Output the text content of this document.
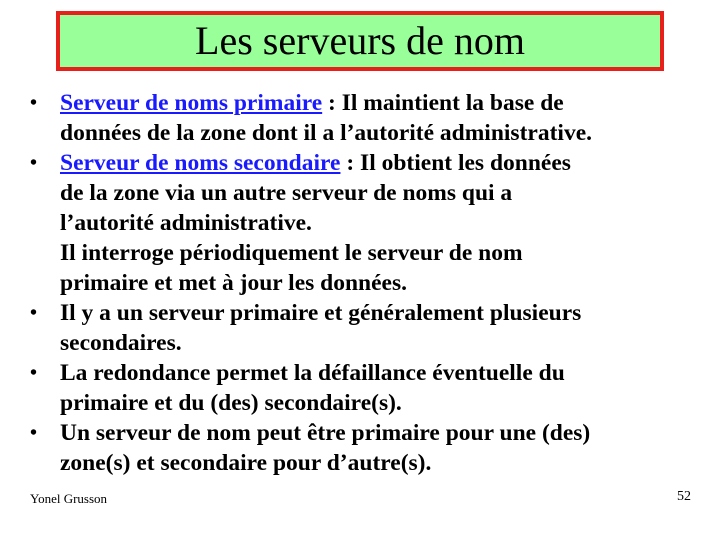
Les serveurs de nom
• Serveur de noms primaire : Il maintient la base de
données de la zone dont il a l’autorité administrative.
• Serveur de noms secondaire : Il obtient les données
de la zone via un autre serveur de noms qui a
l’autorité administrative.
Il interroge périodiquement le serveur de nom
primaire et met à jour les données.
• Il y a un serveur primaire et généralement plusieurs
secondaires.
• La redondance permet la défaillance éventuelle du
primaire et du (des) secondaire(s).
• Un serveur de nom peut être primaire pour une (des)
zone(s) et secondaire pour d’autre(s).
Yonel Grusson	52
